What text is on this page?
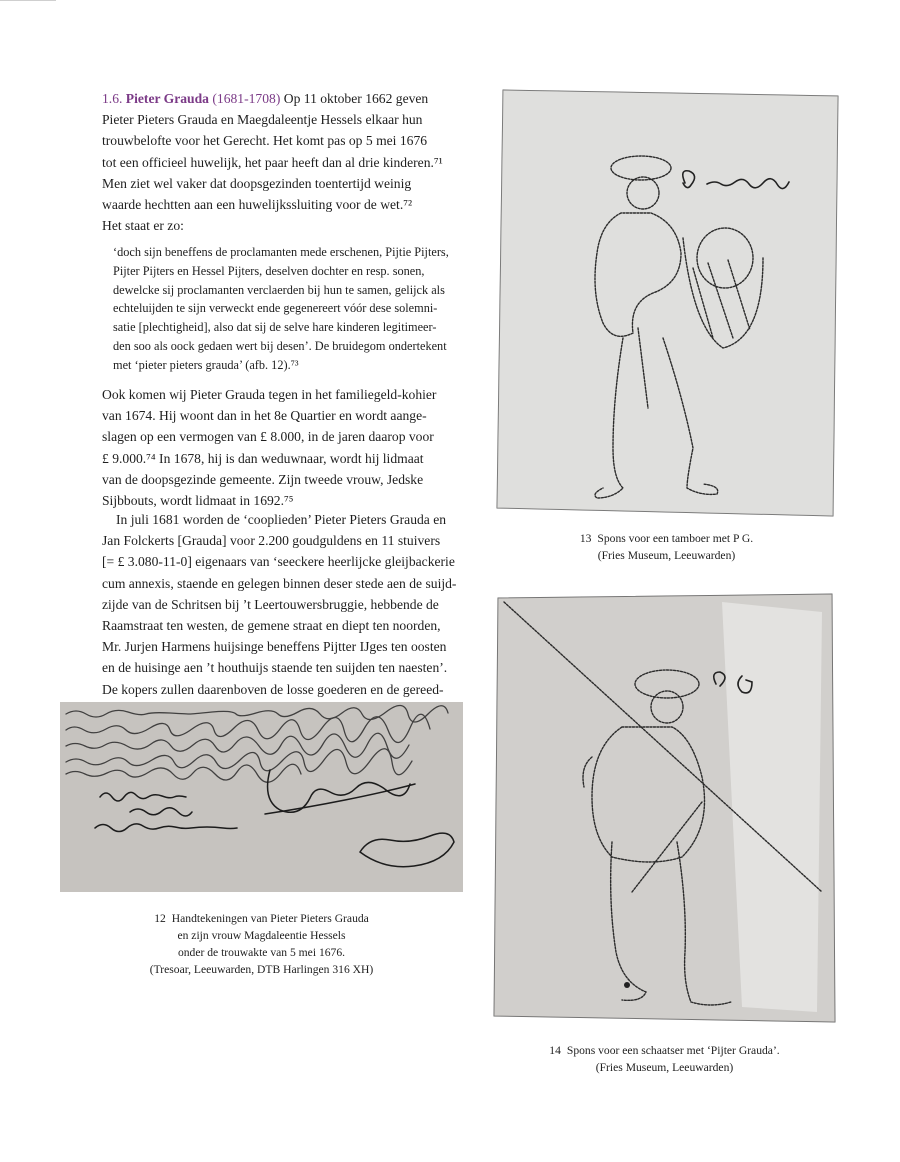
1.6. Pieter Grauda (1681-1708) Op 11 oktober 1662 geven

Pieter Pieters Grauda en Maegdaleentje Hessels elkaar hun

trouwbelofte voor het Gerecht. Het komt pas op 5 mei 1676

tot een officieel huwelijk, het paar heeft dan al drie kinderen.⁷¹

Men ziet wel vaker dat doopsgezinden toentertijd weinig

waarde hechtten aan een huwelijkssluiting voor de wet.⁷²

Het staat er zo:

‘doch sijn beneffens de proclamanten mede erschenen, Pijtie Pijters,

Pijter Pijters en Hessel Pijters, deselven dochter en resp. sonen,

dewelcke sij proclamanten verclaerden bij hun te samen, gelijck als

echteluijden te sijn verweckt ende gegenereert vóór dese solemni-

satie [plechtigheid], also dat sij de selve hare kinderen legitimeer-

den soo als oock gedaen wert bij desen’. De bruidegom ondertekent

met ‘pieter pieters grauda’ (afb. 12).⁷³

Ook komen wij Pieter Grauda tegen in het familiegeld-kohier

van 1674. Hij woont dan in het 8e Quartier en wordt aange-

slagen op een vermogen van £ 8.000, in de jaren daarop voor

£ 9.000.⁷⁴ In 1678, hij is dan weduwnaar, wordt hij lidmaat

van de doopsgezinde gemeente. Zijn tweede vrouw, Jedske

Sijbbouts, wordt lidmaat in 1692.⁷⁵

In juli 1681 worden de ‘cooplieden’ Pieter Pieters Grauda en

Jan Folckerts [Grauda] voor 2.200 goudguldens en 11 stuivers

[= £ 3.080-11-0] eigenaars van ‘seeckere heerlijcke gleijbackerie

cum annexis, staende en gelegen binnen deser stede aen de suijd-

zijde van de Schritsen bij ’t Leertouwersbruggie, hebbende de

Raamstraat ten westen, de gemene straat en diept ten noorden,

Mr. Jurjen Harmens huijsinge beneffens Pijtter IJges ten oosten

en de huisinge aen ’t houthuijs staende ten suijden ten naesten’.

De kopers zullen daarenboven de losse goederen en de gereed-

12 Handtekeningen van Pieter Pieters Grauda
en zijn vrouw Magdaleentie Hessels
onder de trouwakte van 5 mei 1676.
(Tresoar, Leeuwarden, DTB Harlingen 316 XH)
13 Spons voor een tamboer met P G.
(Fries Museum, Leeuwarden)
14 Spons voor een schaatser met ‘Pijter Grauda’.
(Fries Museum, Leeuwarden)
